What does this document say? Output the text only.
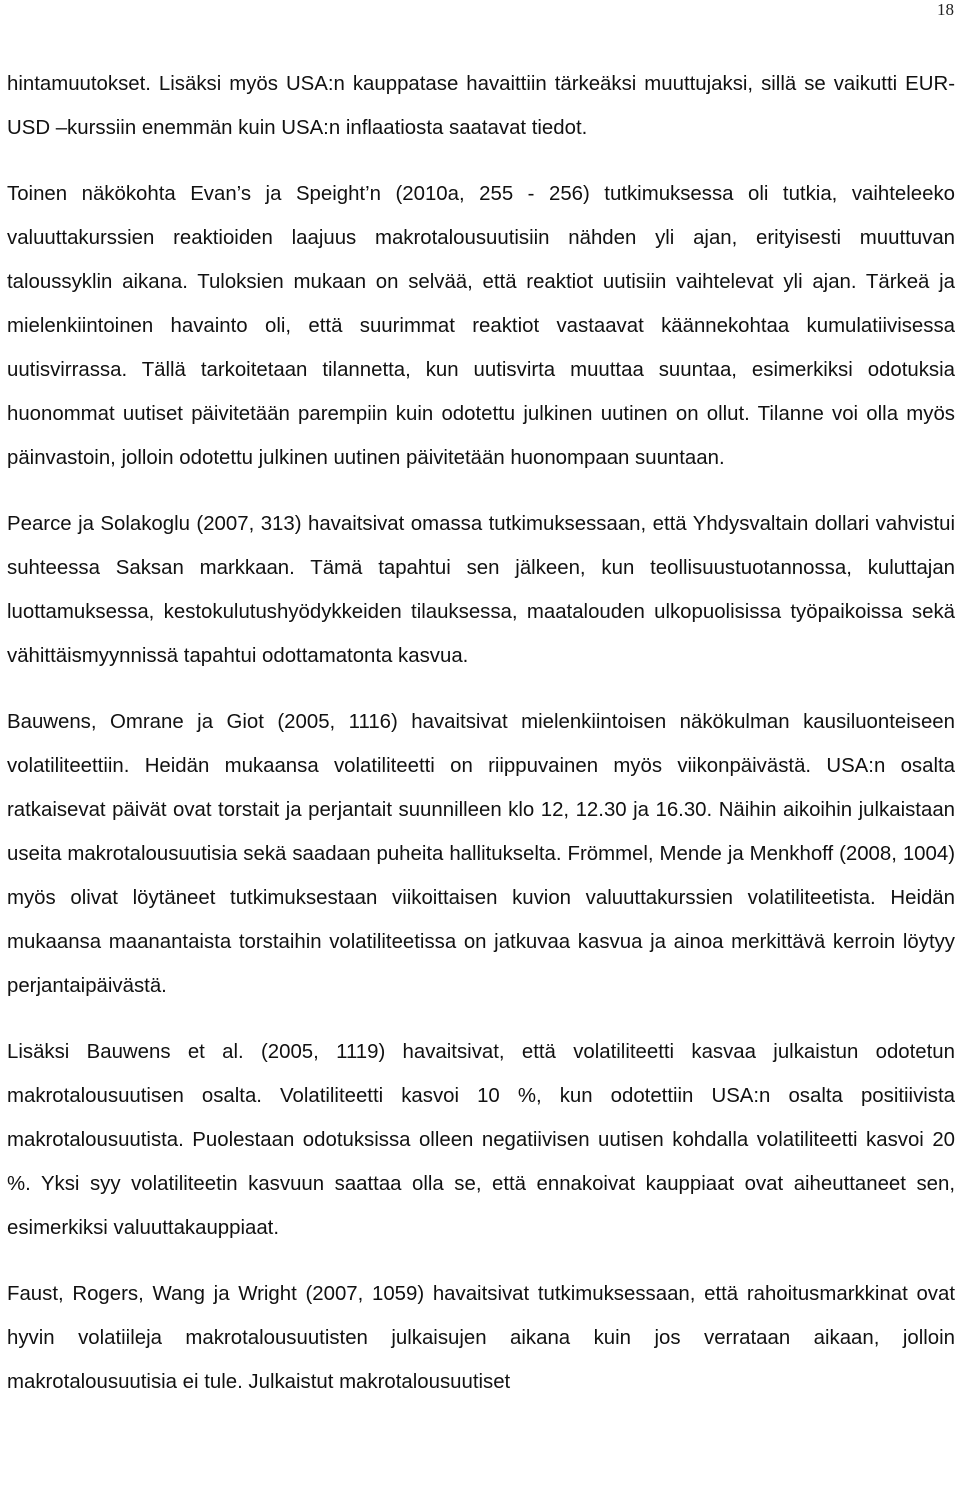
18

hintamuutokset. Lisäksi myös USA:n kauppatase havaittiin tärkeäksi muuttujaksi, sillä se vaikutti EUR-USD –kurssiin enemmän kuin USA:n inflaatiosta saatavat tiedot.

Toinen näkökohta Evan’s ja Speight’n (2010a, 255 - 256) tutkimuksessa oli tutkia, vaihteleeko valuuttakurssien reaktioiden laajuus makrotalousuutisiin nähden yli ajan, erityisesti muuttuvan taloussyklin aikana. Tuloksien mukaan on selvää, että reaktiot uutisiin vaihtelevat yli ajan. Tärkeä ja mielenkiintoinen havainto oli, että suurimmat reaktiot vastaavat käännekohtaa kumulatiivisessa uutisvirrassa. Tällä tarkoitetaan tilannetta, kun uutisvirta muuttaa suuntaa, esimerkiksi odotuksia huonommat uutiset päivitetään parempiin kuin odotettu julkinen uutinen on ollut. Tilanne voi olla myös päinvastoin, jolloin odotettu julkinen uutinen päivitetään huonompaan suuntaan.

Pearce ja Solakoglu (2007, 313) havaitsivat omassa tutkimuksessaan, että Yhdysvaltain dollari vahvistui suhteessa Saksan markkaan. Tämä tapahtui sen jälkeen, kun teollisuustuotannossa, kuluttajan luottamuksessa, kestokulutushyödykkeiden tilauksessa, maatalouden ulkopuolisissa työpaikoissa sekä vähittäismyynnissä tapahtui odottamatonta kasvua.

Bauwens, Omrane ja Giot (2005, 1116) havaitsivat mielenkiintoisen näkökulman kausiluonteiseen volatiliteettiin. Heidän mukaansa volatiliteetti on riippuvainen myös viikonpäivästä. USA:n osalta ratkaisevat päivät ovat torstait ja perjantait suunnilleen klo 12, 12.30 ja 16.30. Näihin aikoihin julkaistaan useita makrotalousuutisia sekä saadaan puheita hallitukselta. Frömmel, Mende ja Menkhoff (2008, 1004) myös olivat löytäneet tutkimuksestaan viikoittaisen kuvion valuuttakurssien volatiliteetista. Heidän mukaansa maanantaista torstaihin volatiliteetissa on jatkuvaa kasvua ja ainoa merkittävä kerroin löytyy perjantaipäivästä.

Lisäksi Bauwens et al. (2005, 1119) havaitsivat, että volatiliteetti kasvaa julkaistun odotetun makrotalousuutisen osalta. Volatiliteetti kasvoi 10 %, kun odotettiin USA:n osalta positiivista makrotalousuutista. Puolestaan odotuksissa olleen negatiivisen uutisen kohdalla volatiliteetti kasvoi 20 %. Yksi syy volatiliteetin kasvuun saattaa olla se, että ennakoivat kauppiaat ovat aiheuttaneet sen, esimerkiksi valuuttakauppiaat.

Faust, Rogers, Wang ja Wright (2007, 1059) havaitsivat tutkimuksessaan, että rahoitusmarkkinat ovat hyvin volatiileja makrotalousuutisten julkaisujen aikana kuin jos verrataan aikaan, jolloin makrotalousuutisia ei tule. Julkaistut makrotalousuutiset
